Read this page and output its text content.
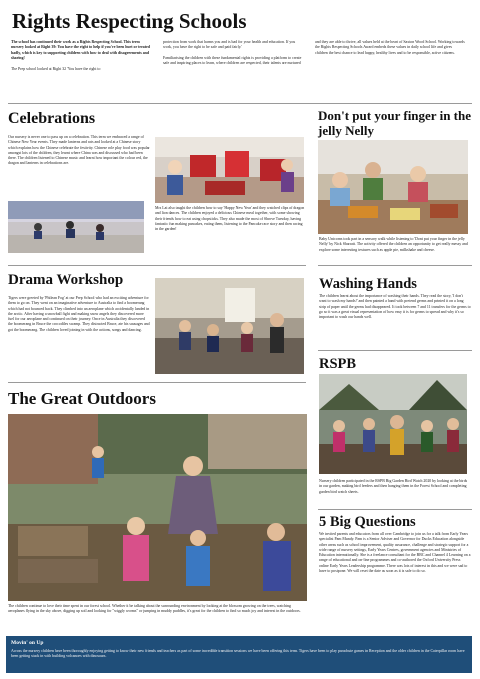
Rights Respecting Schools

The school has continued their work as a Rights Respecting School. This term nursery looked at Right 39: You have the right to help if you've been hurt or treated badly, which is key to supporting children with how to deal with disagreements and sharing!

The Prep school looked at Right 32 'You have the right to

protection from work that harms you and is bad for your health and education. If you work, you have the right to be safe and paid fairly.'

Familiarising the children with these fundamental rights is providing a platform to create safe and inspiring places to learn, where children are respected, their talents are nurtured

and they are able to thrive, all values held at the heart of Saxton Wood School. Working towards the Rights Respecting Schools Award embeds these values in daily school life and gives children the best chance to lead happy, healthy lives and to be responsible, active citizens.

Celebrations

Our nursery is never one to pass up on a celebration. This term we embraced a range of Chinese New Year events. They made lanterns and rats and looked at a Chinese story which explains how the Chinese celebrate the festivity. Chinese role play food was popular amongst lots of the children, they learnt where China was and discussed who had been there. The children listened to Chinese music and learnt how important the colour red, the dragon and lanterns in celebrations are.

Mrs Lai also taught the children how to say 'Happy New Year' and they watched clips of dragon and lion dances. The children enjoyed a delicious Chinese meal together, with some showing their friends how to eat using chopsticks. They also made the most of Shrove Tuesday, having fantastic fun making pancakes, eating them, listening to the Pancake race story and then racing in the garden!

Don't put your finger in the jelly Nelly

Baby Unicorns took part in a sensory walk while listening to 'Dont put your finger in the jelly Nelly' by Nick Sharratt. The activity offered the children an opportunity to get really messy and explore some interesting textures such as apple pie, milkshake and cheese.

Drama Workshop

Tigers were greeted by 'Philean Fog' at our Prep School who had an exciting adventure for them to go on. They went on an imaginative adventure to Australia to find a boomerang which had not bounced back. They climbed into an aeroplane which accidentally landed in the arctic. After having a snowball fight and making snow angels they discovered more fuel for our aeroplane and continued on their journey. Once in Australia they discovered the boomerang in Bruce the crocodiles swamp. They distracted Bruce, ate his sausages and got the boomerang. The children loved joining in with the actions, songs and dancing.

Washing Hands

The children learnt about the importance of washing their hands. They read the story, 'I don't want to wash my hands!' and then painted a hand with pretend germs and printed it on a long strip of paper until the germs had disappeared. It took between 7 and 11 transfers for the germs to go so it was a great visual representation of how easy it is for germs to spread and why it's so important to wash our hands well.

The Great Outdoors

The children continue to love their time spent in our forest school. Whether it be talking about the surrounding environment by looking at the blossom growing on the trees, watching aeroplanes flying in the sky above, digging up soil and looking for "wiggly worms" or jumping in muddy puddles, it's great for the children to find so much joy and interest in the outdoors.

RSPB

Nursery children participated in the RSPB Big Garden Bird Watch 2020 by looking at the birds in our garden, making bird feeders and then hanging them in the Forest School and completing garden bird watch sheets.

5 Big Questions

We invited parents and educators from all over Cambridge to join us for a talk from Early Years specialist Pam Mundy. Pam is a Senior Adviser and Governor for Ducks Education alongside other areas such as school improvement, quality assurance, challenge and strategic support for a wide range of nursery settings, Early Years Centres, government agencies and Ministries of Education internationally. She is a freelance consultant for the BBC and Channel 4 Learning on a range of educational and on-line programmes and co-authored the Oxford University Press online Early Years Leadership programme. There was lots of interest in this and we were sad to have to postpone. We will reset the date as soon as it is safe to do so.

Movin' on Up

Across the nursery children have been thoroughly enjoying getting to know their new friends and teachers as part of some incredible transition sessions we have been offering this term. Tigers have been to play parachute games in Reception and the older children in the Caterpillar room have been getting stuck in with building volcanoes with dinosaurs.
